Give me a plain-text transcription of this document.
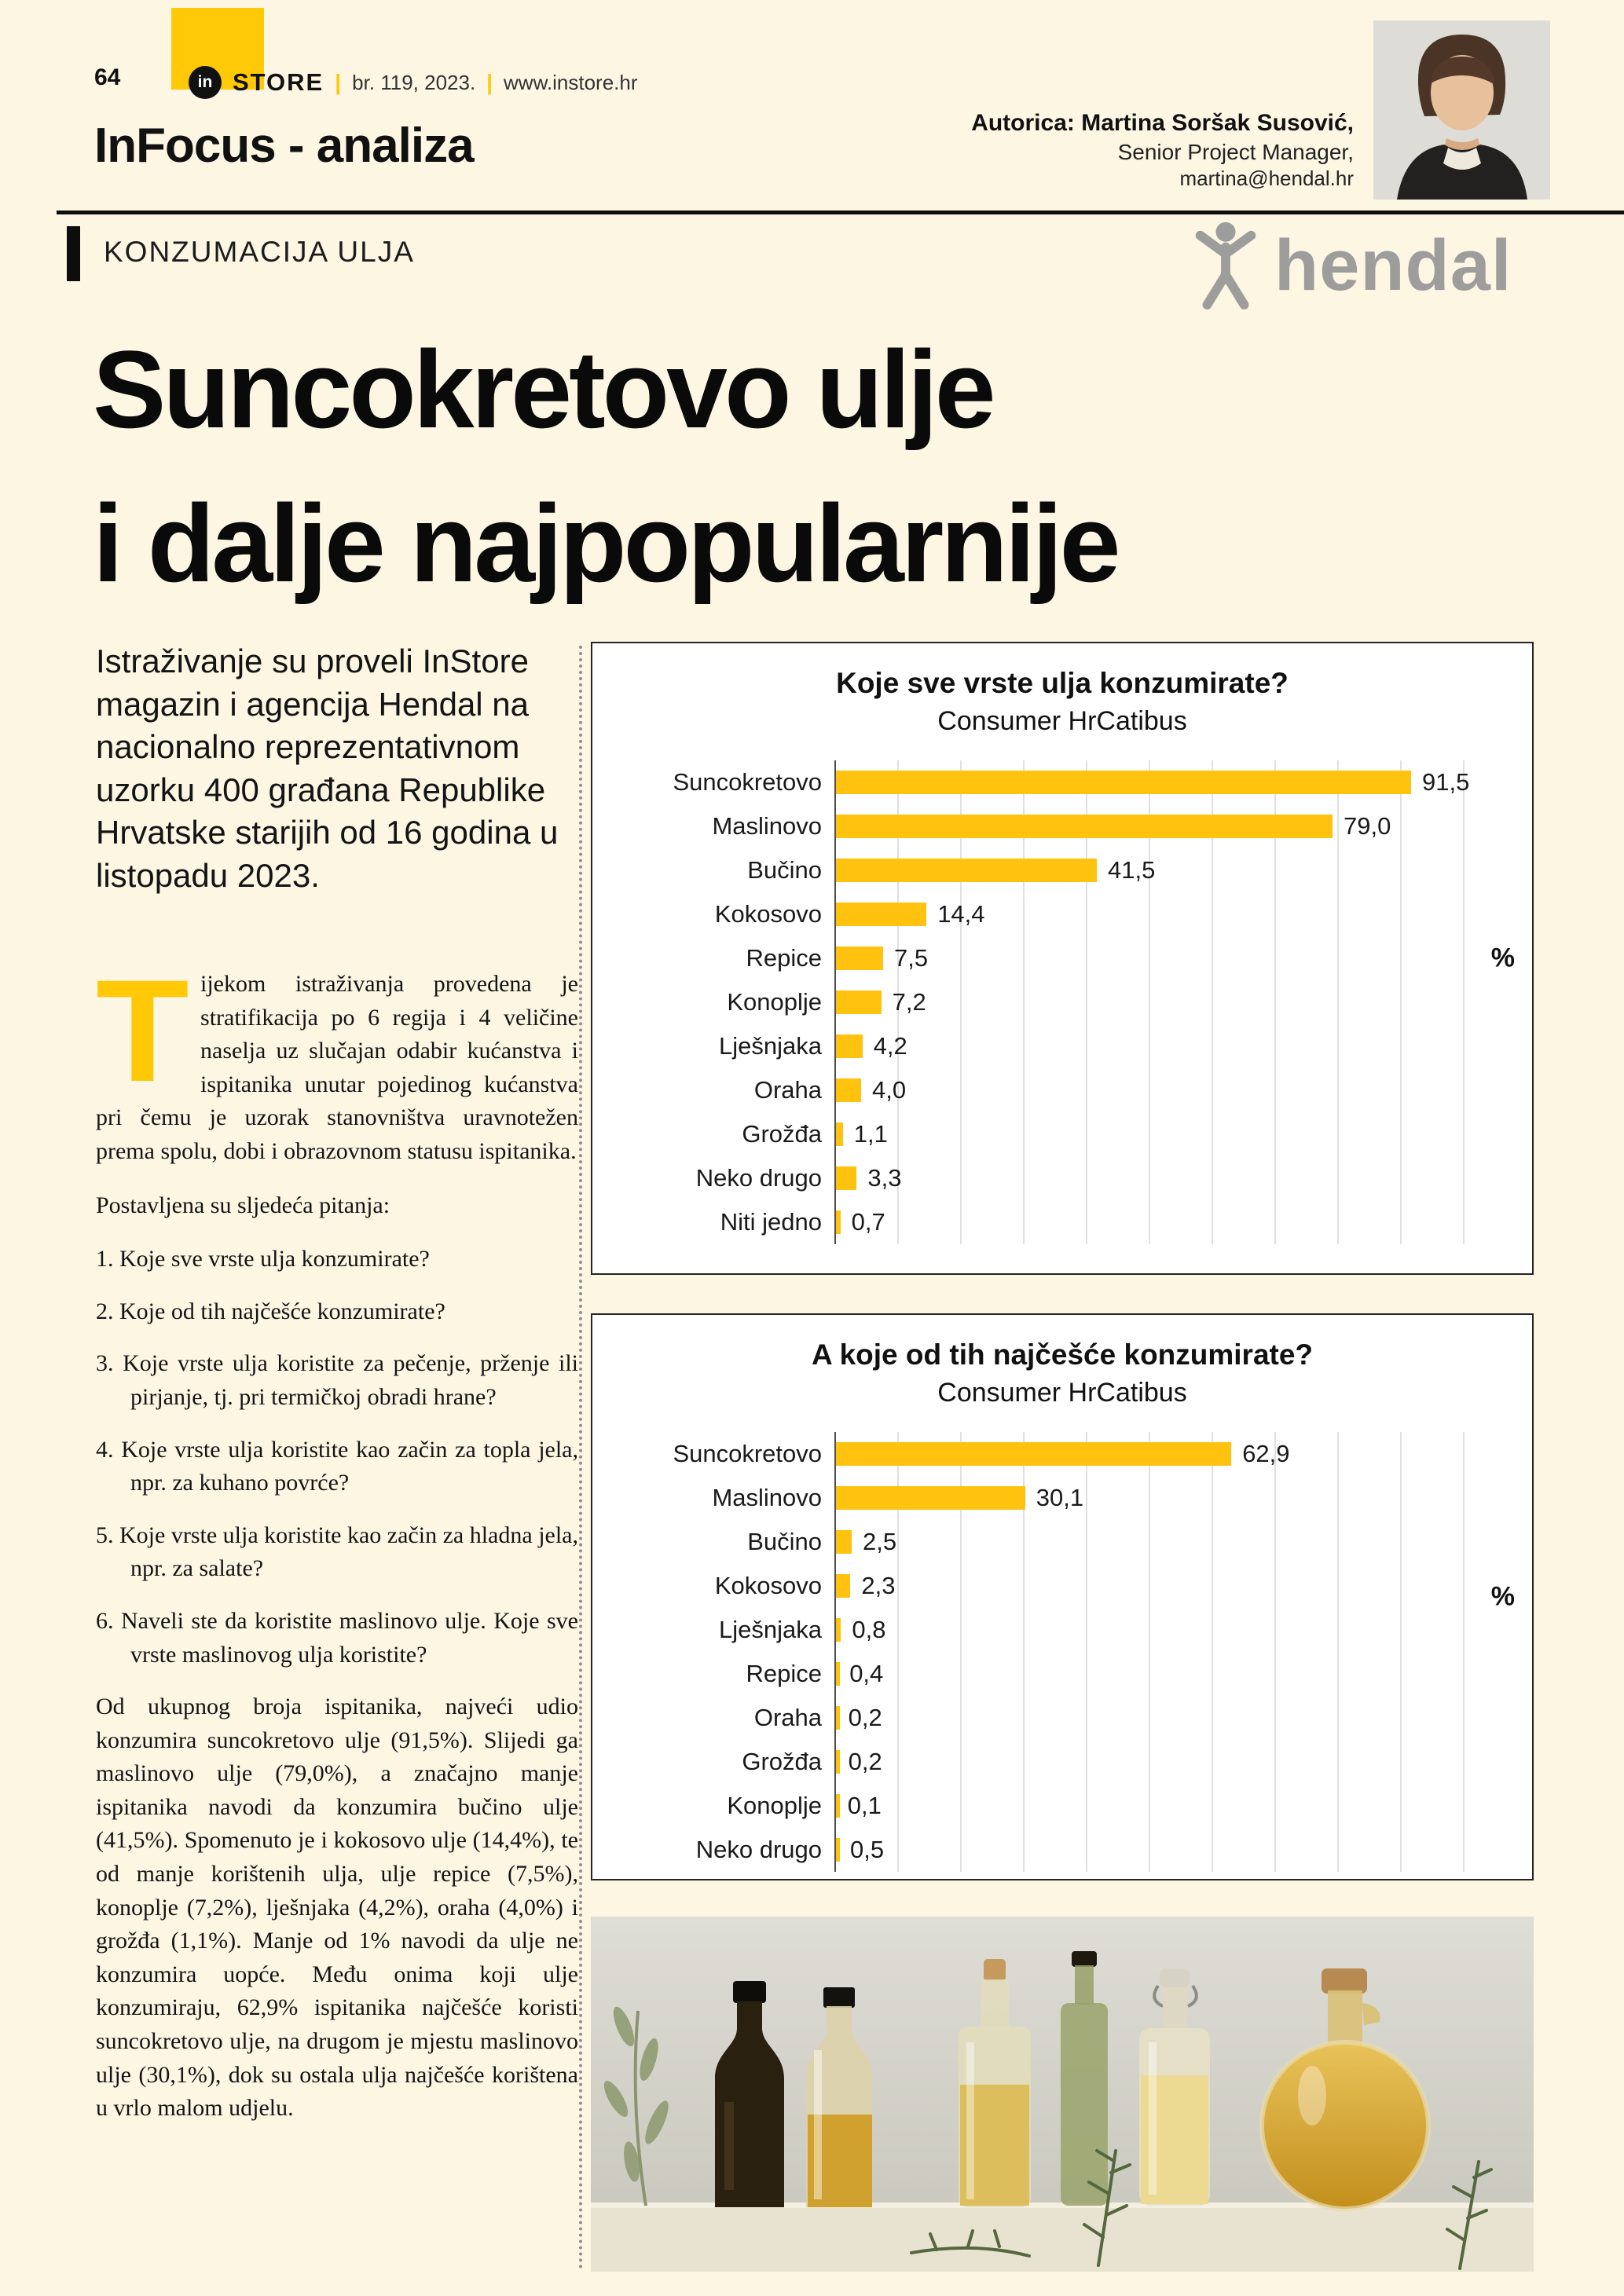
64	in STORE | br. 119, 2023. | www.instore.hr
InFocus - analiza	Autorica: Martina Soršak Susović,
Senior Project Manager,
martina@hendal.hr
KONZUMACIJA ULJA	hendal
Suncokretovo ulje
i dalje najpopularnije
Istraživanje su proveli InStore magazin i agencija Hendal na nacionalno reprezentativnom uzorku 400 građana Republike Hrvatske starijih od 16 godina u listopadu 2023.
T ijekom istraživanja provedena je stratifikacija po 6 regija i 4 veličine naselja uz slučajan odabir kućanstva i ispitanika unutar pojedinog kućanstva pri čemu je uzorak stanovništva uravnotežen prema spolu, dobi i obrazovnom statusu ispitanika.

Postavljena su sljedeća pitanja:

1. Koje sve vrste ulja konzumirate?
2. Koje od tih najčešće konzumirate?
3. Koje vrste ulja koristite za pečenje, prženje ili pirjanje, tj. pri termičkoj obradi hrane?
4. Koje vrste ulja koristite kao začin za topla jela, npr. za kuhano povrće?
5. Koje vrste ulja koristite kao začin za hladna jela, npr. za salate?
6. Naveli ste da koristite maslinovo ulje. Koje sve vrste maslinovog ulja koristite?

Od ukupnog broja ispitanika, najveći udio konzumira suncokretovo ulje (91,5%). Slijedi ga maslinovo ulje (79,0%), a značajno manje ispitanika navodi da konzumira bučino ulje (41,5%). Spomenuto je i kokosovo ulje (14,4%), te od manje korištenih ulja, ulje repice (7,5%), konoplje (7,2%), lješnjaka (4,2%), oraha (4,0%) i grožđa (1,1%). Manje od 1% navodi da ulje ne konzumira uopće. Među onima koji ulje konzumiraju, 62,9% ispitanika najčešće koristi suncokretovo ulje, na drugom je mjestu maslinovo ulje (30,1%), dok su ostala ulja najčešće korištena u vrlo malom udjelu.

Koje sve vrste ulja konzumirate?
Consumer HrCatibus
Suncokretovo	91,5
Maslinovo	79,0
Bučino	41,5
Kokosovo	14,4
Repice	7,5
Konoplje	7,2
Lješnjaka	4,2
Oraha	4,0
Grožđa	1,1
Neko drugo	3,3
Niti jedno	0,7
%
A koje od tih najčešće konzumirate?
Consumer HrCatibus
Suncokretovo	62,9
Maslinovo	30,1
Bučino	2,5
Kokosovo	2,3
Lješnjaka	0,8
Repice	0,4
Oraha	0,2
Grožđa	0,2
Konoplje	0,1
Neko drugo	0,5
%
